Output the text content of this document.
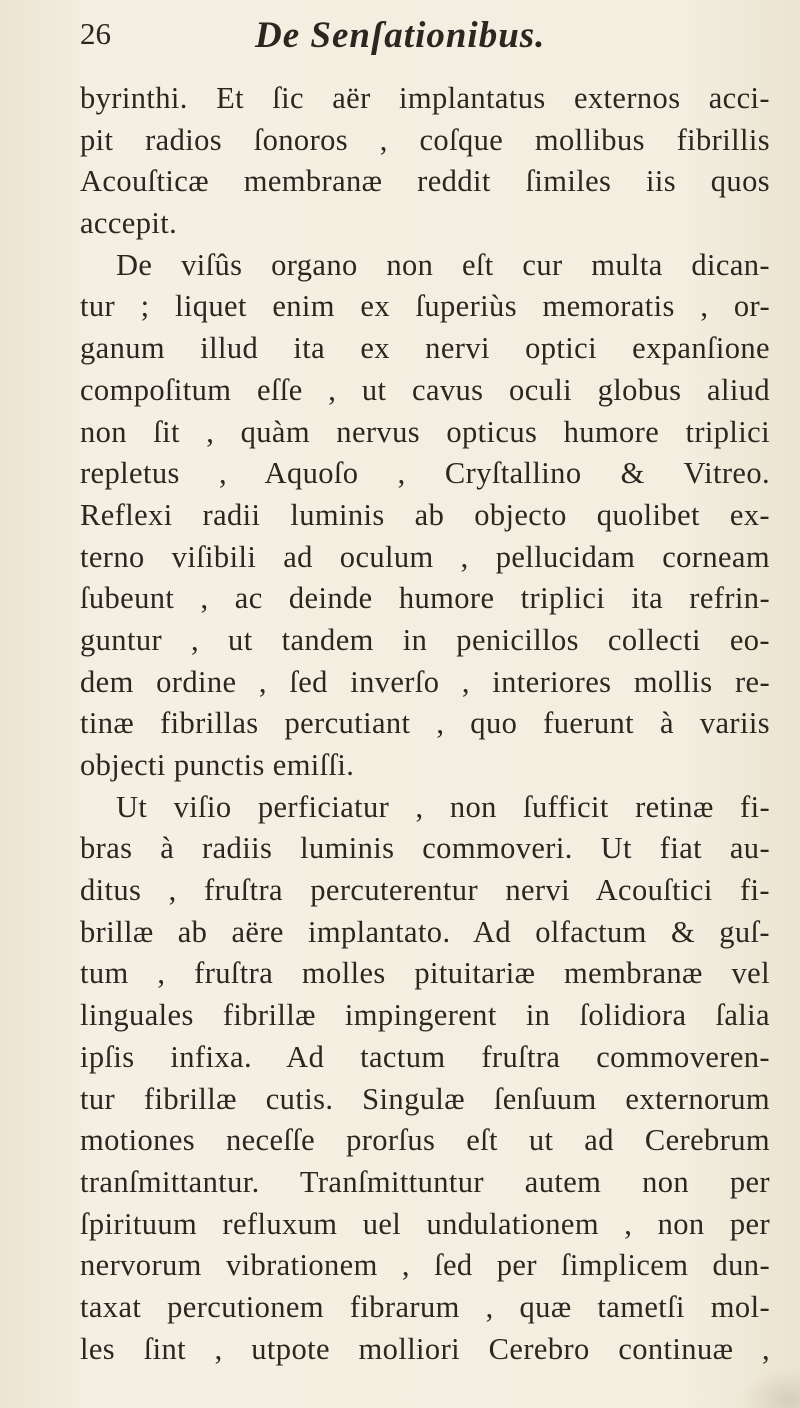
26	De Senſationibus.
byrinthi. Et ſic aër implantatus externos acci-
pit radios ſonoros , coſque mollibus fibrillis
Acouſticæ membranæ reddit ſimiles iis quos
accepit.
De viſûs organo non eſt cur multa dican-
tur ; liquet enim ex ſuperiùs memoratis , or-
ganum illud ita ex nervi optici expanſione
compoſitum eſſe , ut cavus oculi globus aliud
non ſit , quàm nervus opticus humore triplici
repletus , Aquoſo , Cryſtallino & Vitreo.
Reflexi radii luminis ab objecto quolibet ex-
terno viſibili ad oculum , pellucidam corneam
ſubeunt , ac deinde humore triplici ita refrin-
guntur , ut tandem in penicillos collecti eo-
dem ordine , ſed inverſo , interiores mollis re-
tinæ fibrillas percutiant , quo fuerunt à variis
objecti punctis emiſſi.
Ut viſio perficiatur , non ſufficit retinæ fi-
bras à radiis luminis commoveri. Ut fiat au-
ditus , fruſtra percuterentur nervi Acouſtici fi-
brillæ ab aëre implantato. Ad olfactum & guſ-
tum , fruſtra molles pituitariæ membranæ vel
linguales fibrillæ impingerent in ſolidiora ſalia
ipſis infixa. Ad tactum fruſtra commoveren-
tur fibrillæ cutis. Singulæ ſenſuum externorum
motiones neceſſe prorſus eſt ut ad Cerebrum
tranſmittantur. Tranſmittuntur autem non per
ſpirituum refluxum uel undulationem , non per
nervorum vibrationem , ſed per ſimplicem dun-
taxat percutionem fibrarum , quæ tametſi mol-
les ſint , utpote molliori Cerebro continuæ ,
